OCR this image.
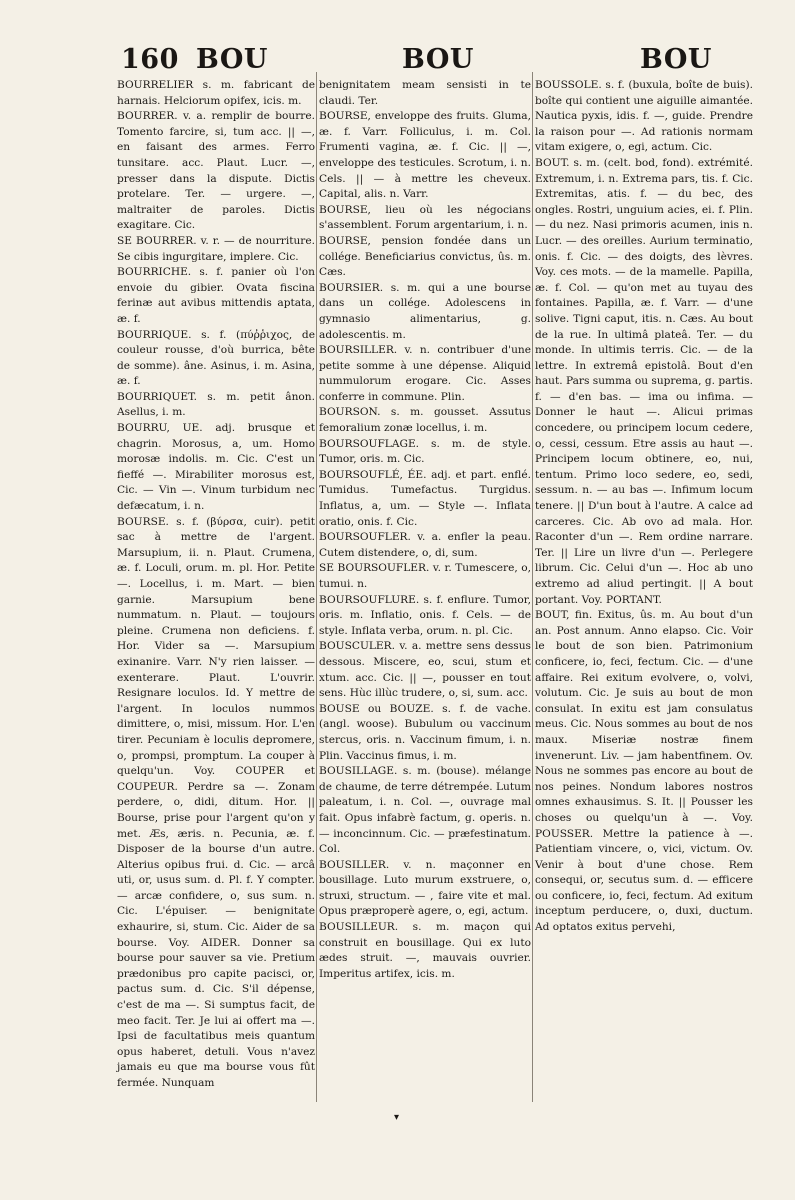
160 BOU	BOU	BOU
BOURRELIER s. m. fabricant de harnais. Helciorum opifex, icis. m.
BOURRER. v. a. remplir de bourre. Tomento farcire, si, tum acc. || —, en faisant des armes. Ferro tunsitare. acc. Plaut. Lucr. —, presser dans la dispute. Dictis protelare. Ter. — urgere. —, maltraiter de paroles. Dictis exagitare. Cic.
SE BOURRER. v. r. — de nourriture. Se cibis ingurgitare, implere. Cic.
BOURRICHE. s. f. panier où l'on envoie du gibier. Ovata fiscina ferinæ aut avibus mittendis aptata, æ. f.
BOURRIQUE. s. f. (πύῤῥιχος, de couleur rousse, d'où burrica, bête de somme). âne. Asinus, i. m. Asina, æ. f.
BOURRIQUET. s. m. petit ânon. Asellus, i. m.
BOURRU, UE. adj. brusque et chagrin. Morosus, a, um. Homo morosæ indolis. m. Cic. C'est un fieffé —. Mirabiliter morosus est, Cic. — Vin —. Vinum turbidum nec defæcatum, i. n.
BOURSE. s. f. (βύρσα, cuir). petit sac à mettre de l'argent. Marsupium, ii. n. Plaut. Crumena, æ. f. Loculi, orum. m. pl. Hor. Petite —. Locellus, i. m. Mart. — bien garnie. Marsupium bene nummatum. n. Plaut. — toujours pleine. Crumena non deficiens. f. Hor. Vider sa —. Marsupium exinanire. Varr. N'y rien laisser. — exenterare. Plaut. L'ouvrir. Resignare loculos. Id. Y mettre de l'argent. In loculos nummos dimittere, o, misi, missum. Hor. L'en tirer. Pecuniam è loculis depromere, o, prompsi, promptum. La couper à quelqu'un. Voy. COUPER et COUPEUR. Perdre sa —. Zonam perdere, o, didi, ditum. Hor. || Bourse, prise pour l'argent qu'on y met. Æs, æris. n. Pecunia, æ. f. Disposer de la bourse d'un autre. Alterius opibus frui. d. Cic. — arcâ uti, or, usus sum. d. Pl. f. Y compter. — arcæ confidere, o, sus sum. n. Cic. L'épuiser. — benignitate exhaurire, si, stum. Cic. Aider de sa bourse. Voy. AIDER. Donner sa bourse pour sauver sa vie. Pretium prædonibus pro capite pacisci, or, pactus sum. d. Cic. S'il dépense, c'est de ma —. Si sumptus facit, de meo facit. Ter. Je lui ai offert ma —. Ipsi de facultatibus meis quantum opus haberet, detuli. Vous n'avez jamais eu que ma bourse vous fût fermée. Nunquam
benignitatem meam sensisti in te claudi. Ter.
BOURSE, enveloppe des fruits. Gluma, æ. f. Varr. Folliculus, i. m. Col. Frumenti vagina, æ. f. Cic. || —, enveloppe des testicules. Scrotum, i. n. Cels. || — à mettre les cheveux. Capital, alis. n. Varr.
BOURSE, lieu où les négocians s'assemblent. Forum argentarium, i. n.
BOURSE, pension fondée dans un collége. Beneficiarius convictus, ûs. m. Cæs.
BOURSIER. s. m. qui a une bourse dans un collége. Adolescens in gymnasio alimentarius, g. adolescentis. m.
BOURSILLER. v. n. contribuer d'une petite somme à une dépense. Aliquid nummulorum erogare. Cic. Asses conferre in commune. Plin.
BOURSON. s. m. gousset. Assutus femoralium zonæ locellus, i. m.
BOURSOUFLAGE. s. m. de style. Tumor, oris. m. Cic.
BOURSOUFLÉ, ÉE. adj. et part. enflé. Tumidus. Tumefactus. Turgidus. Inflatus, a, um. — Style —. Inflata oratio, onis. f. Cic.
BOURSOUFLER. v. a. enfler la peau. Cutem distendere, o, di, sum.
SE BOURSOUFLER. v. r. Tumescere, o, tumui. n.
BOURSOUFLURE. s. f. enflure. Tumor, oris. m. Inflatio, onis. f. Cels. — de style. Inflata verba, orum. n. pl. Cic.
BOUSCULER. v. a. mettre sens dessus dessous. Miscere, eo, scui, stum et xtum. acc. Cic. || —, pousser en tout sens. Hùc illùc trudere, o, si, sum. acc.
BOUSE ou BOUZE. s. f. de vache. (angl. woose). Bubulum ou vaccinum stercus, oris. n. Vaccinum fimum, i. n. Plin. Vaccinus fimus, i. m.
BOUSILLAGE. s. m. (bouse). mélange de chaume, de terre détrempée. Lutum paleatum, i. n. Col. —, ouvrage mal fait. Opus infabrè factum, g. operis. n. — inconcinnum. Cic. — præfestinatum. Col.
BOUSILLER. v. n. maçonner en bousillage. Luto murum exstruere, o, struxi, structum. — , faire vite et mal. Opus præproperè agere, o, egi, actum.
BOUSILLEUR. s. m. maçon qui construit en bousillage. Qui ex luto ædes struit. —, mauvais ouvrier. Imperitus artifex, icis. m.
BOUSSOLE. s. f. (buxula, boîte de buis). boîte qui contient une aiguille aimantée. Nautica pyxis, idis. f. —, guide. Prendre la raison pour —. Ad rationis normam vitam exigere, o, egi, actum. Cic.
BOUT. s. m. (celt. bod, fond). extrémité. Extremum, i. n. Extrema pars, tis. f. Cic. Extremitas, atis. f. — du bec, des ongles. Rostri, unguium acies, ei. f. Plin. — du nez. Nasi primoris acumen, inis n. Lucr. — des oreilles. Aurium terminatio, onis. f. Cic. — des doigts, des lèvres. Voy. ces mots. — de la mamelle. Papilla, æ. f. Col. — qu'on met au tuyau des fontaines. Papilla, æ. f. Varr. — d'une solive. Tigni caput, itis. n. Cæs. Au bout de la rue. In ultimâ plateâ. Ter. — du monde. In ultimis terris. Cic. — de la lettre. In extremâ epistolâ. Bout d'en haut. Pars summa ou suprema, g. partis. f. — d'en bas. — ima ou infima. — Donner le haut —. Alicui primas concedere, ou principem locum cedere, o, cessi, cessum. Etre assis au haut —. Principem locum obtinere, eo, nui, tentum. Primo loco sedere, eo, sedi, sessum. n. — au bas —. Infimum locum tenere. || D'un bout à l'autre. A calce ad carceres. Cic. Ab ovo ad mala. Hor. Raconter d'un —. Rem ordine narrare. Ter. || Lire un livre d'un —. Perlegere librum. Cic. Celui d'un —. Hoc ab uno extremo ad aliud pertingit. || A bout portant. Voy. PORTANT.
BOUT, fin. Exitus, ûs. m. Au bout d'un an. Post annum. Anno elapso. Cic. Voir le bout de son bien. Patrimonium conficere, io, feci, fectum. Cic. — d'une affaire. Rei exitum evolvere, o, volvi, volutum. Cic. Je suis au bout de mon consulat. In exitu est jam consulatus meus. Cic. Nous sommes au bout de nos maux. Miseriæ nostræ finem invenerunt. Liv. — jam habentfinem. Ov. Nous ne sommes pas encore au bout de nos peines. Nondum labores nostros omnes exhausimus. S. It. || Pousser les choses ou quelqu'un à —. Voy. POUSSER. Mettre la patience à —. Patientiam vincere, o, vici, victum. Ov. Venir à bout d'une chose. Rem consequi, or, secutus sum. d. — efficere ou conficere, io, feci, fectum. Ad exitum inceptum perducere, o, duxi, ductum. Ad optatos exitus pervehi,
▾
